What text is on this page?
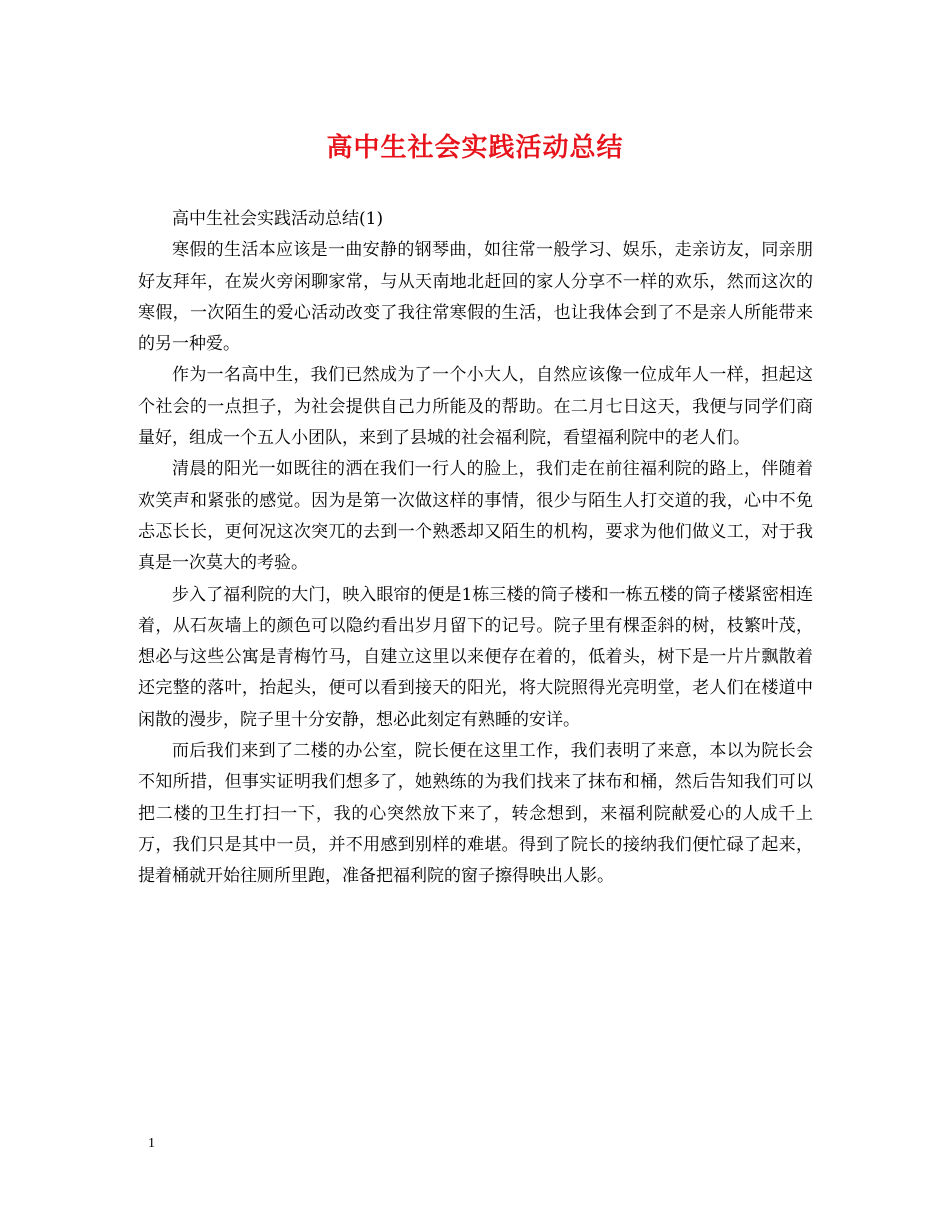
高中生社会实践活动总结

高中生社会实践活动总结(1)

寒假的生活本应该是一曲安静的钢琴曲，如往常一般学习、娱乐，走亲访友，同亲朋好友拜年，在炭火旁闲聊家常，与从天南地北赶回的家人分享不一样的欢乐，然而这次的寒假，一次陌生的爱心活动改变了我往常寒假的生活，也让我体会到了不是亲人所能带来的另一种爱。

作为一名高中生，我们已然成为了一个小大人，自然应该像一位成年人一样，担起这个社会的一点担子，为社会提供自己力所能及的帮助。在二月七日这天，我便与同学们商量好，组成一个五人小团队，来到了县城的社会福利院，看望福利院中的老人们。

清晨的阳光一如既往的洒在我们一行人的脸上，我们走在前往福利院的路上，伴随着欢笑声和紧张的感觉。因为是第一次做这样的事情，很少与陌生人打交道的我，心中不免忐忑长长，更何况这次突兀的去到一个熟悉却又陌生的机构，要求为他们做义工，对于我真是一次莫大的考验。

步入了福利院的大门，映入眼帘的便是1栋三楼的筒子楼和一栋五楼的筒子楼紧密相连着，从石灰墙上的颜色可以隐约看出岁月留下的记号。院子里有棵歪斜的树，枝繁叶茂，想必与这些公寓是青梅竹马，自建立这里以来便存在着的，低着头，树下是一片片飘散着还完整的落叶，抬起头，便可以看到接天的阳光，将大院照得光亮明堂，老人们在楼道中闲散的漫步，院子里十分安静，想必此刻定有熟睡的安详。

而后我们来到了二楼的办公室，院长便在这里工作，我们表明了来意，本以为院长会不知所措，但事实证明我们想多了，她熟练的为我们找来了抹布和桶，然后告知我们可以把二楼的卫生打扫一下，我的心突然放下来了，转念想到，来福利院献爱心的人成千上万，我们只是其中一员，并不用感到别样的难堪。得到了院长的接纳我们便忙碌了起来，提着桶就开始往厕所里跑，准备把福利院的窗子擦得映出人影。

1
